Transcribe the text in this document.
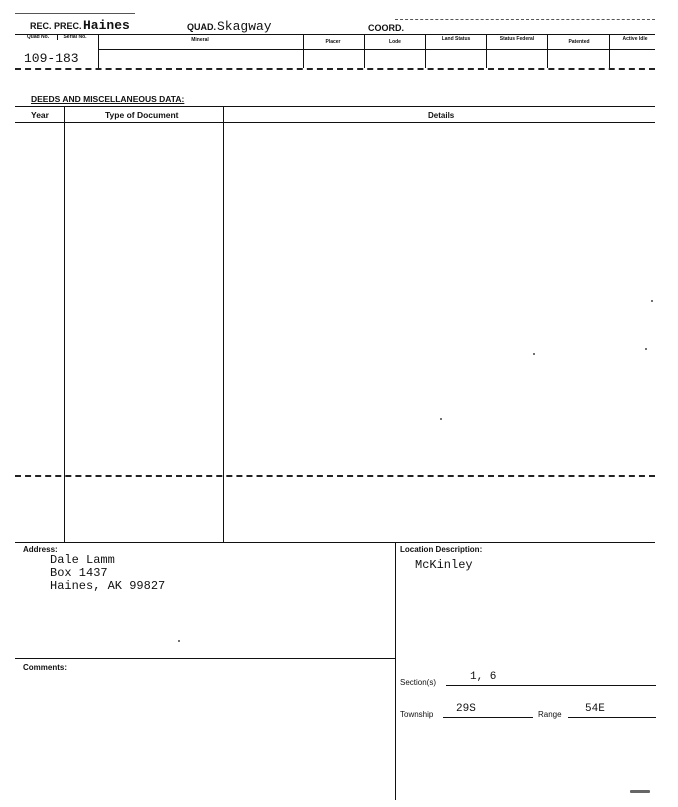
REC. PREC. Haines	QUAD. Skagway	COORD.
Quad No.	Serial No.	Mineral	Placer	Lode	Land Status	Status Federal	Patented	Active Idle
109-183
DEEDS AND MISCELLANEOUS DATA:
Year	Type of Document	Details
Address:
Dale Lamm
Box 1437
Haines, AK 99827
Comments:
Location Description:
McKinley
Section(s)	1, 6
Township 29S	Range 54E
